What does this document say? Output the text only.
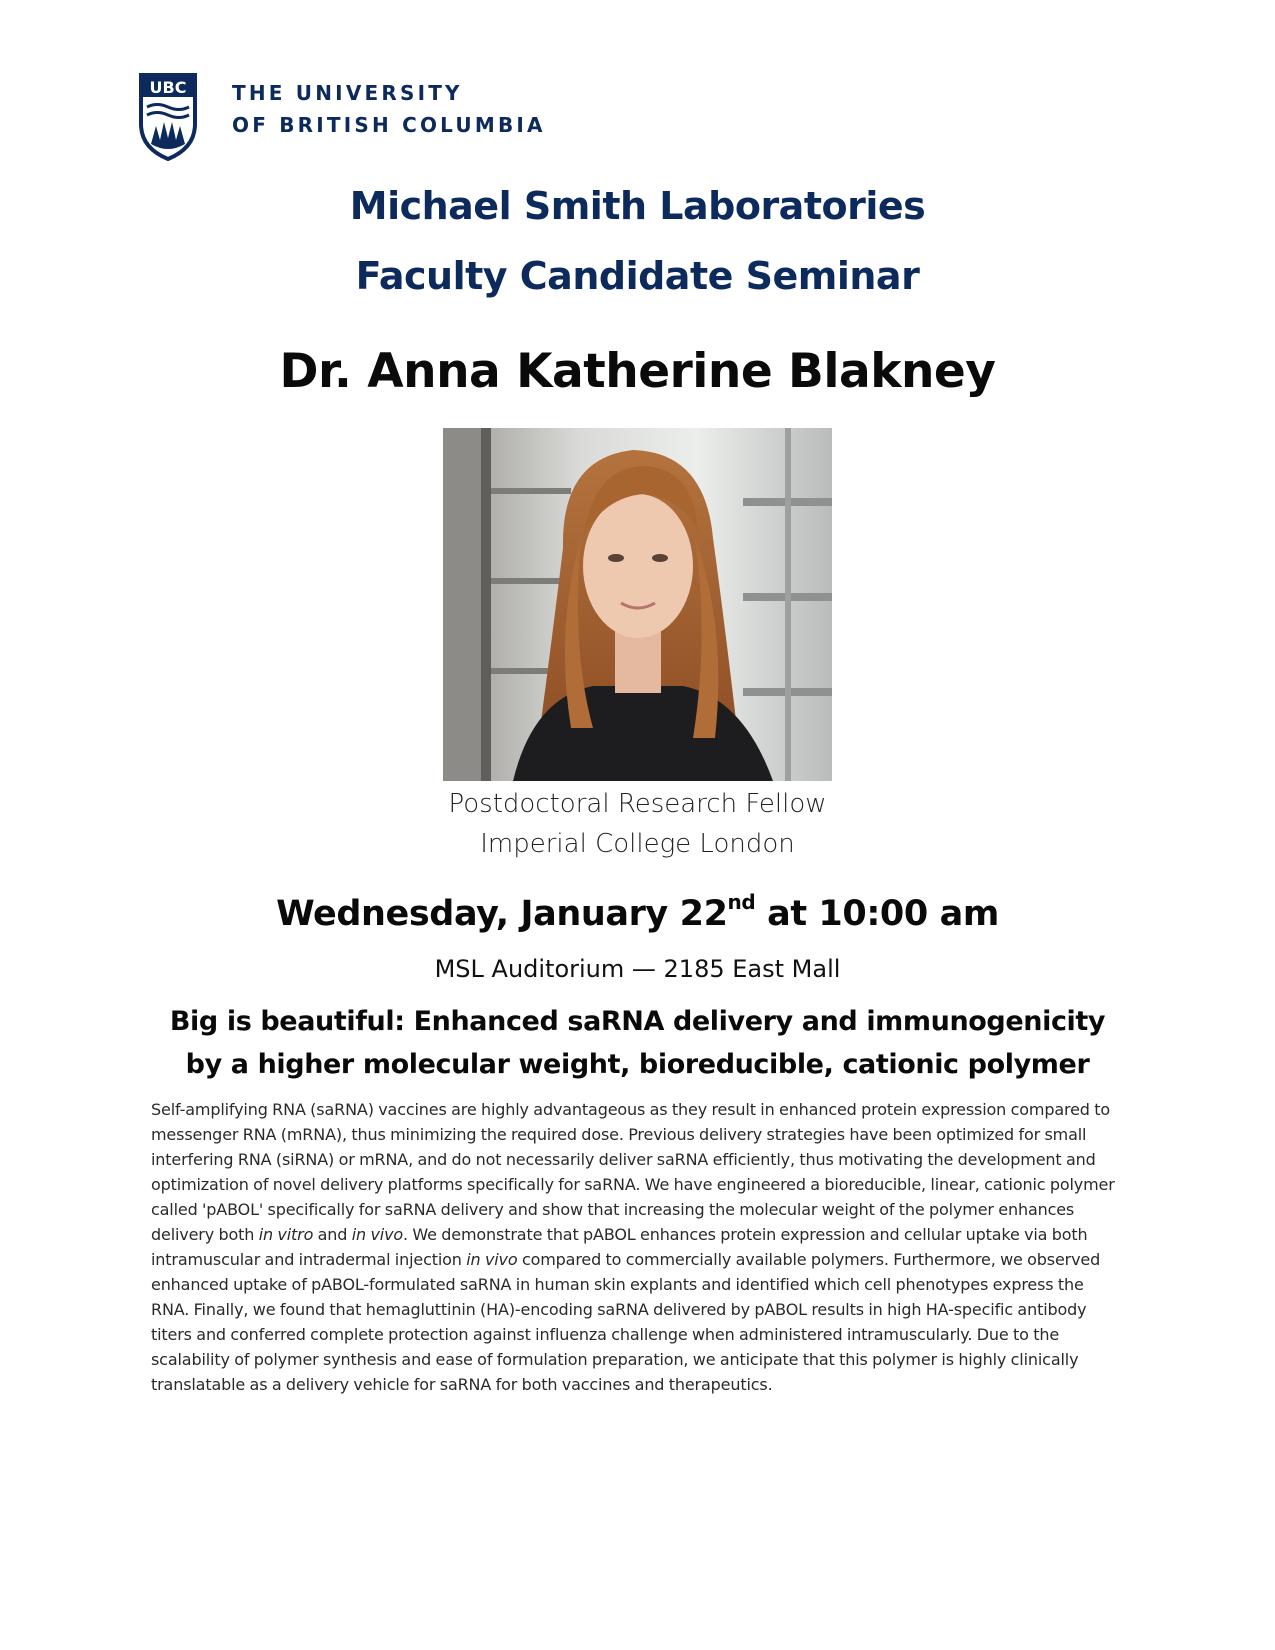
UBC THE UNIVERSITY
OF BRITISH COLUMBIA
Michael Smith Laboratories
Faculty Candidate Seminar
Dr. Anna Katherine Blakney
Postdoctoral Research Fellow
Imperial College London
Wednesday, January 22nd at 10:00 am
MSL Auditorium — 2185 East Mall
Big is beautiful: Enhanced saRNA delivery and immunogenicity
by a higher molecular weight, bioreducible, cationic polymer
Self-amplifying RNA (saRNA) vaccines are highly advantageous as they result in enhanced protein expression compared to messenger RNA (mRNA), thus minimizing the required dose. Previous delivery strategies have been optimized for small interfering RNA (siRNA) or mRNA, and do not necessarily deliver saRNA efficiently, thus motivating the development and optimization of novel delivery platforms specifically for saRNA. We have engineered a bioreducible, linear, cationic polymer called 'pABOL' specifically for saRNA delivery and show that increasing the molecular weight of the polymer enhances delivery both in vitro and in vivo. We demonstrate that pABOL enhances protein expression and cellular uptake via both intramuscular and intradermal injection in vivo compared to commercially available polymers. Furthermore, we observed enhanced uptake of pABOL-formulated saRNA in human skin explants and identified which cell phenotypes express the RNA. Finally, we found that hemagluttinin (HA)-encoding saRNA delivered by pABOL results in high HA-specific antibody titers and conferred complete protection against influenza challenge when administered intramuscularly. Due to the scalability of polymer synthesis and ease of formulation preparation, we anticipate that this polymer is highly clinically translatable as a delivery vehicle for saRNA for both vaccines and therapeutics.
